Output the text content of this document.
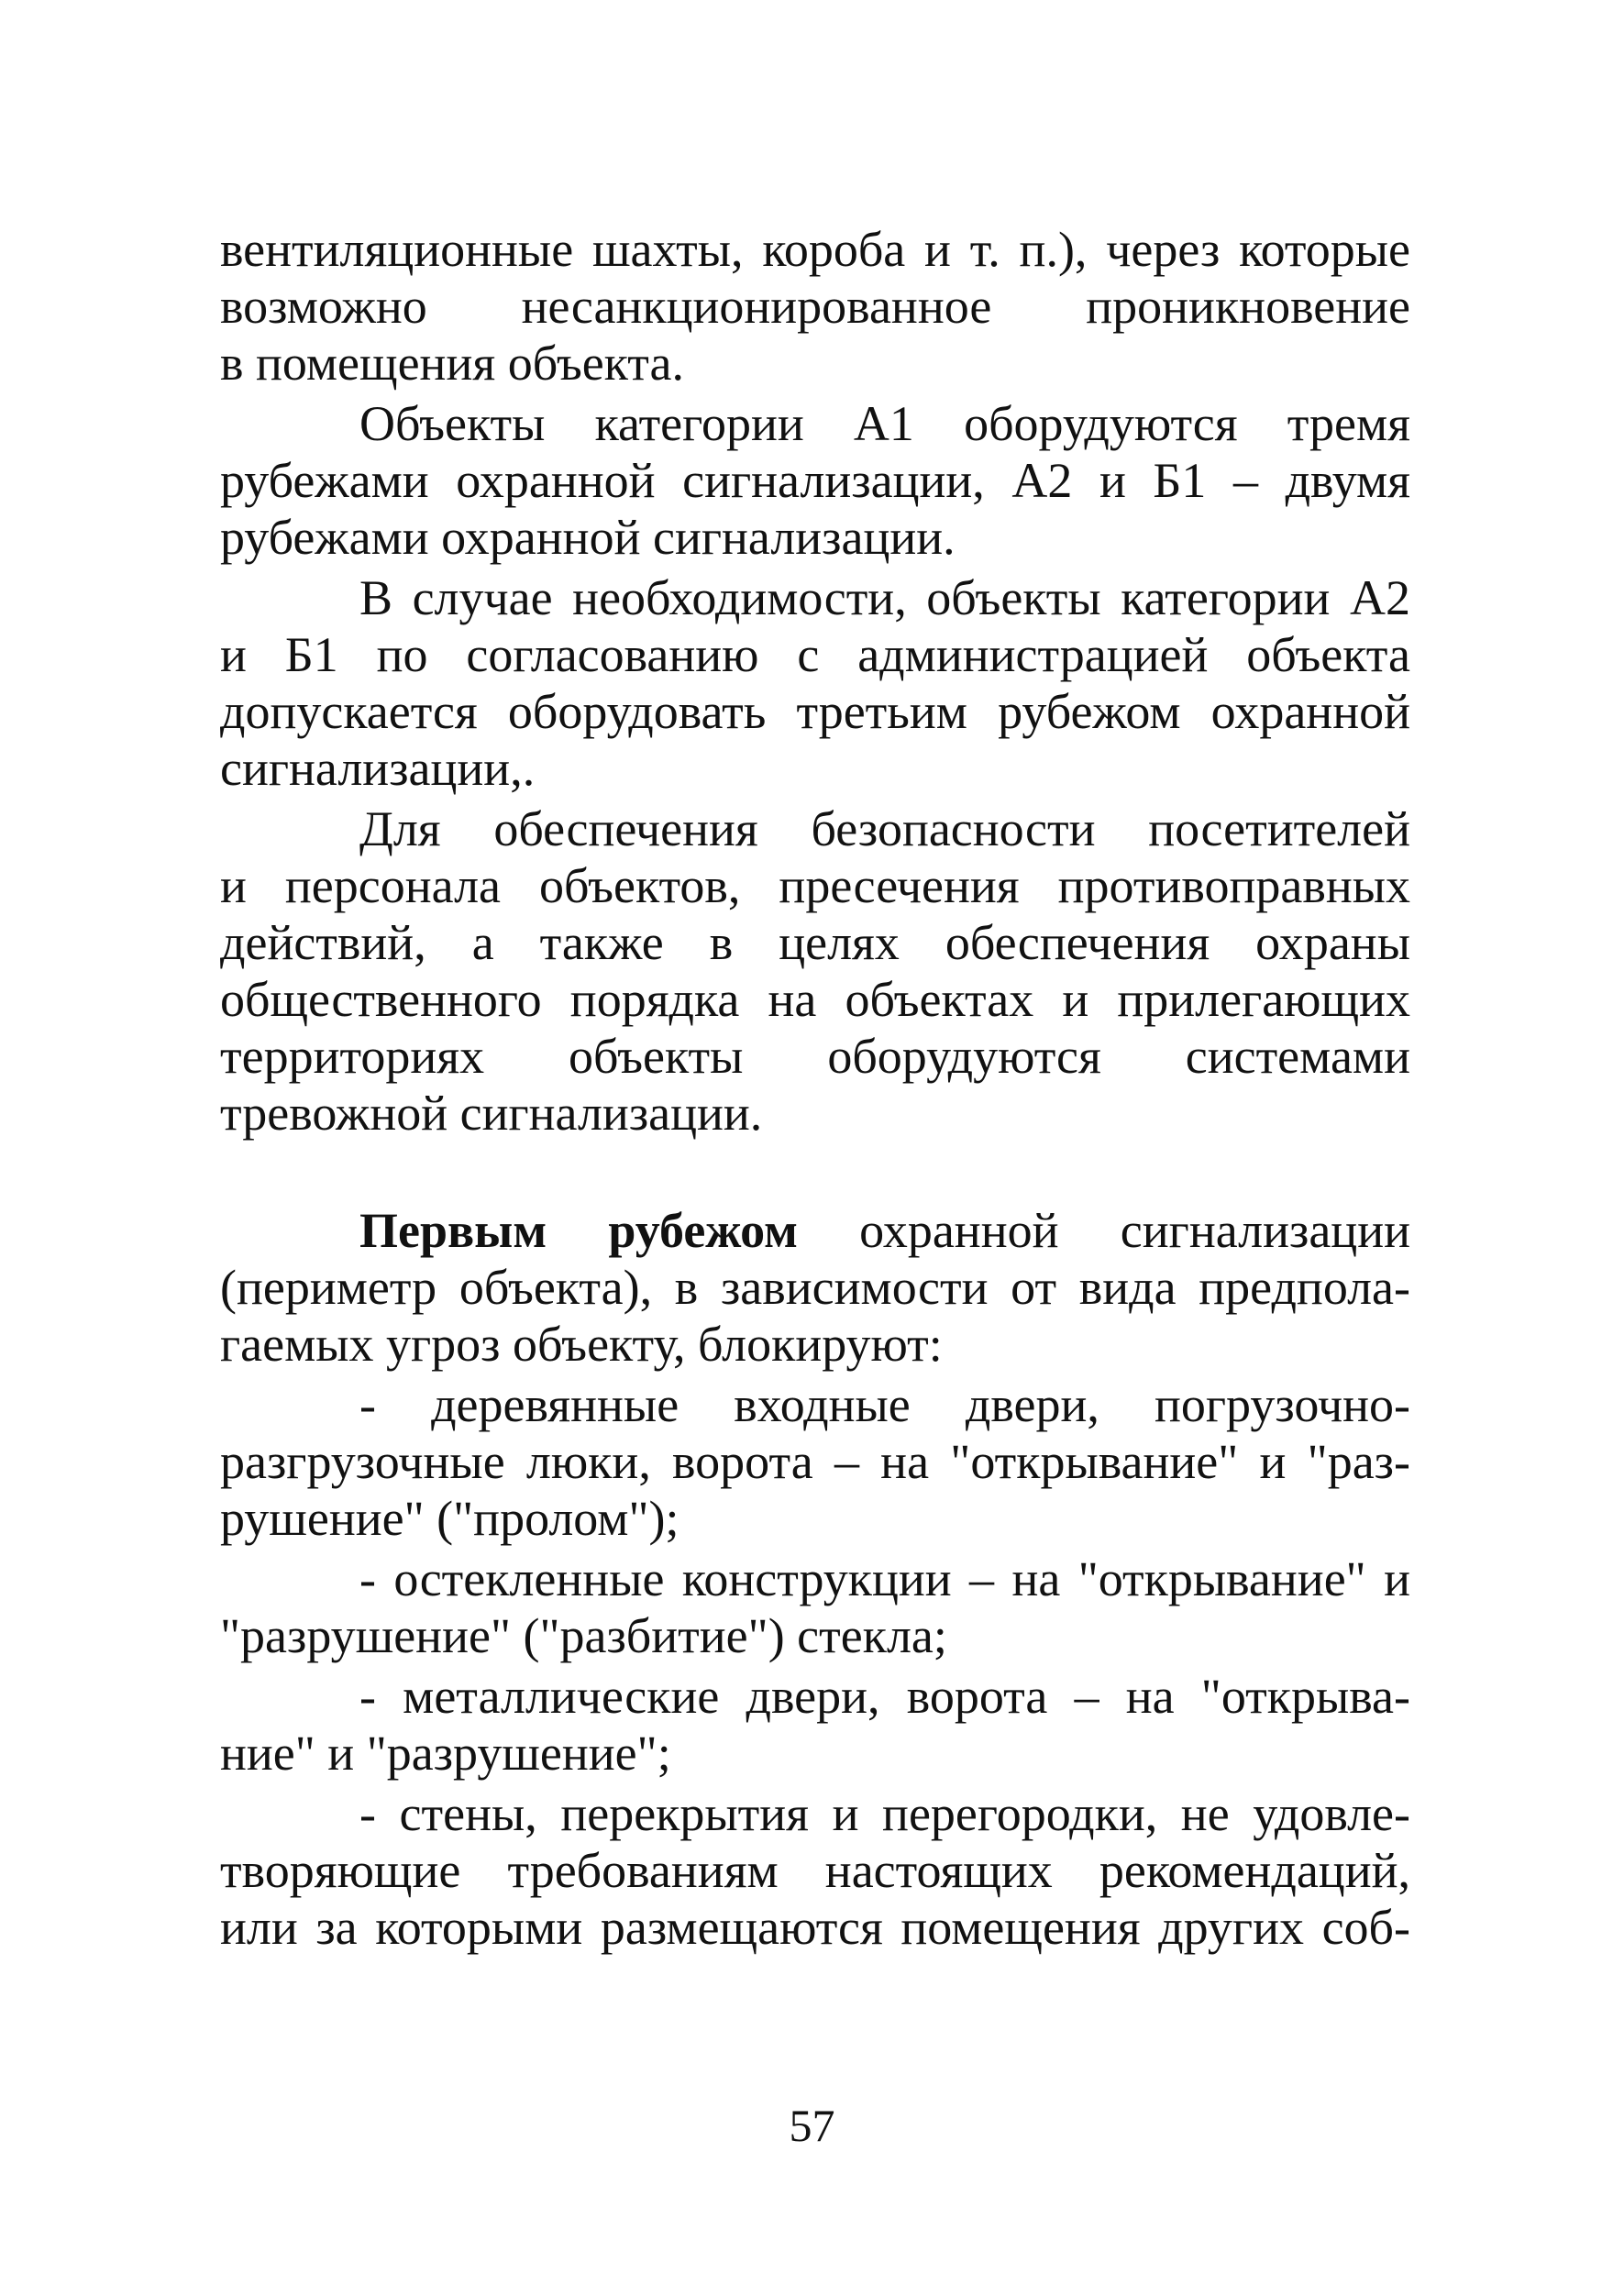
вентиляционные шахты, короба и т. п.), через которые
возможно несанкционированное проникновение
в помещения объекта.
Объекты категории А1 оборудуются тремя
рубежами охранной сигнализации, А2 и Б1 – двумя
рубежами охранной сигнализации.
В случае необходимости, объекты категории А2
и Б1 по согласованию с администрацией объекта
допускается оборудовать третьим рубежом охранной
сигнализации,.
Для обеспечения безопасности посетителей
и персонала объектов, пресечения противоправных
действий, а также в целях обеспечения охраны
общественного порядка на объектах и прилегающих
территориях объекты оборудуются системами
тревожной сигнализации.
Первым рубежом охранной сигнализации
(периметр объекта), в зависимости от вида предпола-
гаемых угроз объекту, блокируют:
- деревянные входные двери, погрузочно-
разгрузочные люки, ворота – на "открывание" и "раз-
рушение" ("пролом");
- остекленные конструкции – на "открывание" и
"разрушение" ("разбитие") стекла;
- металлические двери, ворота – на "открыва-
ние" и "разрушение";
- стены, перекрытия и перегородки, не удовле-
творяющие требованиям настоящих рекомендаций,
или за которыми размещаются помещения других соб-
57
